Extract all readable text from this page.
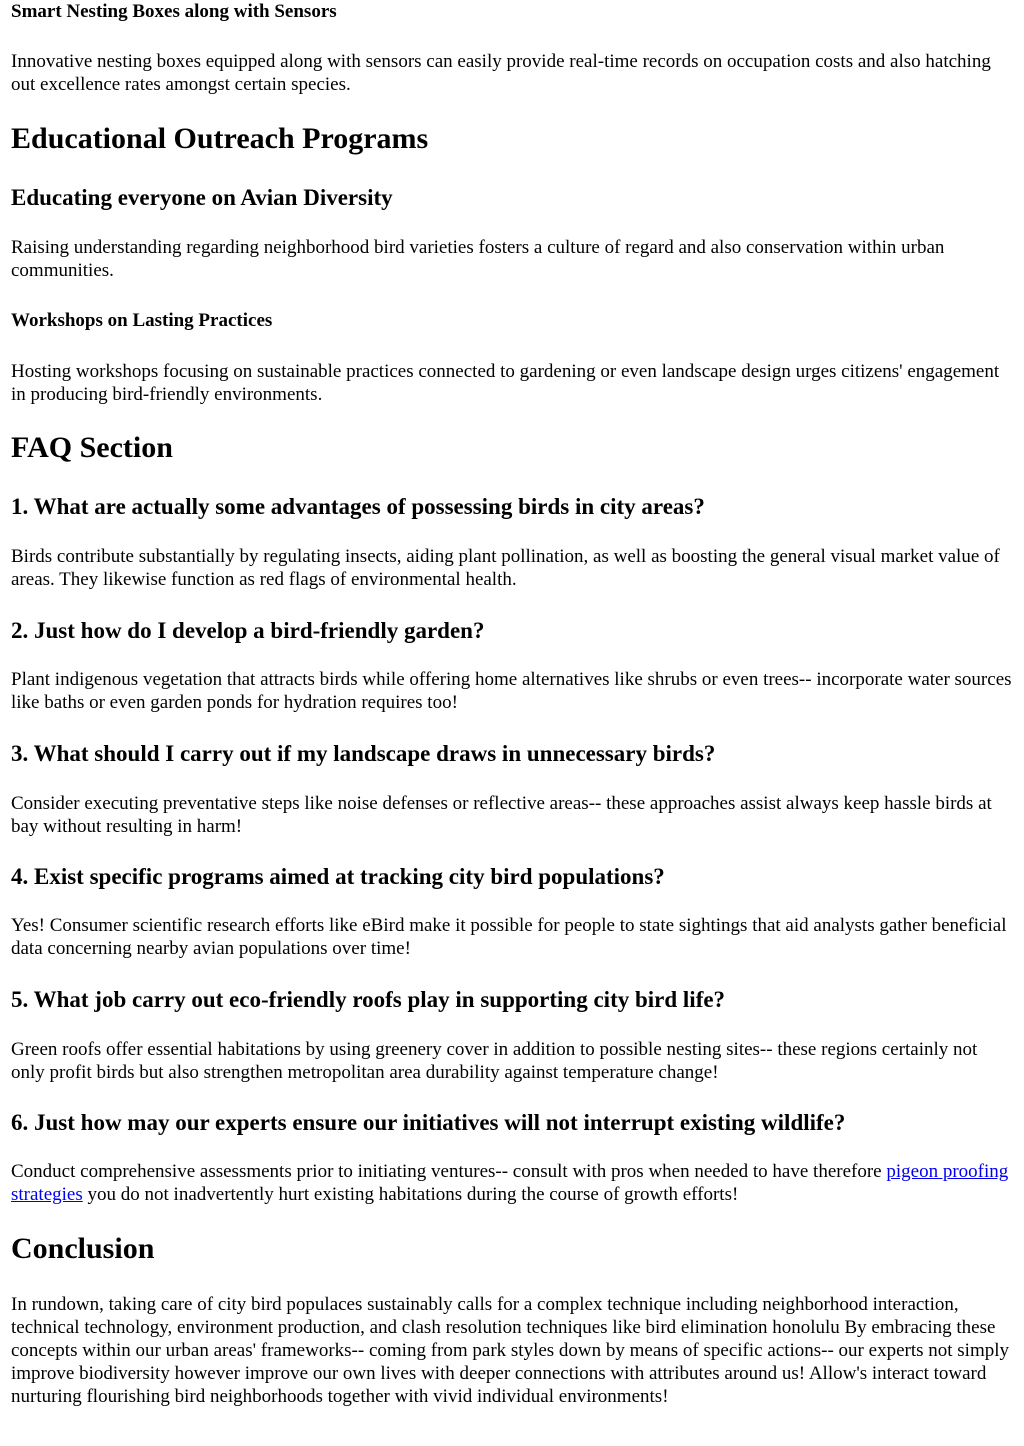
Smart Nesting Boxes along with Sensors

Innovative nesting boxes equipped along with sensors can easily provide real-time records on occupation costs and also hatching out excellence rates amongst certain species.

Educational Outreach Programs
Educating everyone on Avian Diversity

Raising understanding regarding neighborhood bird varieties fosters a culture of regard and also conservation within urban communities.

Workshops on Lasting Practices

Hosting workshops focusing on sustainable practices connected to gardening or even landscape design urges citizens' engagement in producing bird-friendly environments.

FAQ Section
1. What are actually some advantages of possessing birds in city areas?

Birds contribute substantially by regulating insects, aiding plant pollination, as well as boosting the general visual market value of areas. They likewise function as red flags of environmental health.

2. Just how do I develop a bird-friendly garden?

Plant indigenous vegetation that attracts birds while offering home alternatives like shrubs or even trees-- incorporate water sources like baths or even garden ponds for hydration requires too!

3. What should I carry out if my landscape draws in unnecessary birds?

Consider executing preventative steps like noise defenses or reflective areas-- these approaches assist always keep hassle birds at bay without resulting in harm!

4. Exist specific programs aimed at tracking city bird populations?

Yes! Consumer scientific research efforts like eBird make it possible for people to state sightings that aid analysts gather beneficial data concerning nearby avian populations over time!

5. What job carry out eco-friendly roofs play in supporting city bird life?

Green roofs offer essential habitations by using greenery cover in addition to possible nesting sites-- these regions certainly not only profit birds but also strengthen metropolitan area durability against temperature change!

6. Just how may our experts ensure our initiatives will not interrupt existing wildlife?

Conduct comprehensive assessments prior to initiating ventures-- consult with pros when needed to have therefore pigeon proofing strategies you do not inadvertently hurt existing habitations during the course of growth efforts!

Conclusion

In rundown, taking care of city bird populaces sustainably calls for a complex technique including neighborhood interaction, technical technology, environment production, and clash resolution techniques like bird elimination honolulu By embracing these concepts within our urban areas' frameworks-- coming from park styles down by means of specific actions-- our experts not simply improve biodiversity however improve our own lives with deeper connections with attributes around us! Allow's interact toward nurturing flourishing bird neighborhoods together with vivid individual environments!
